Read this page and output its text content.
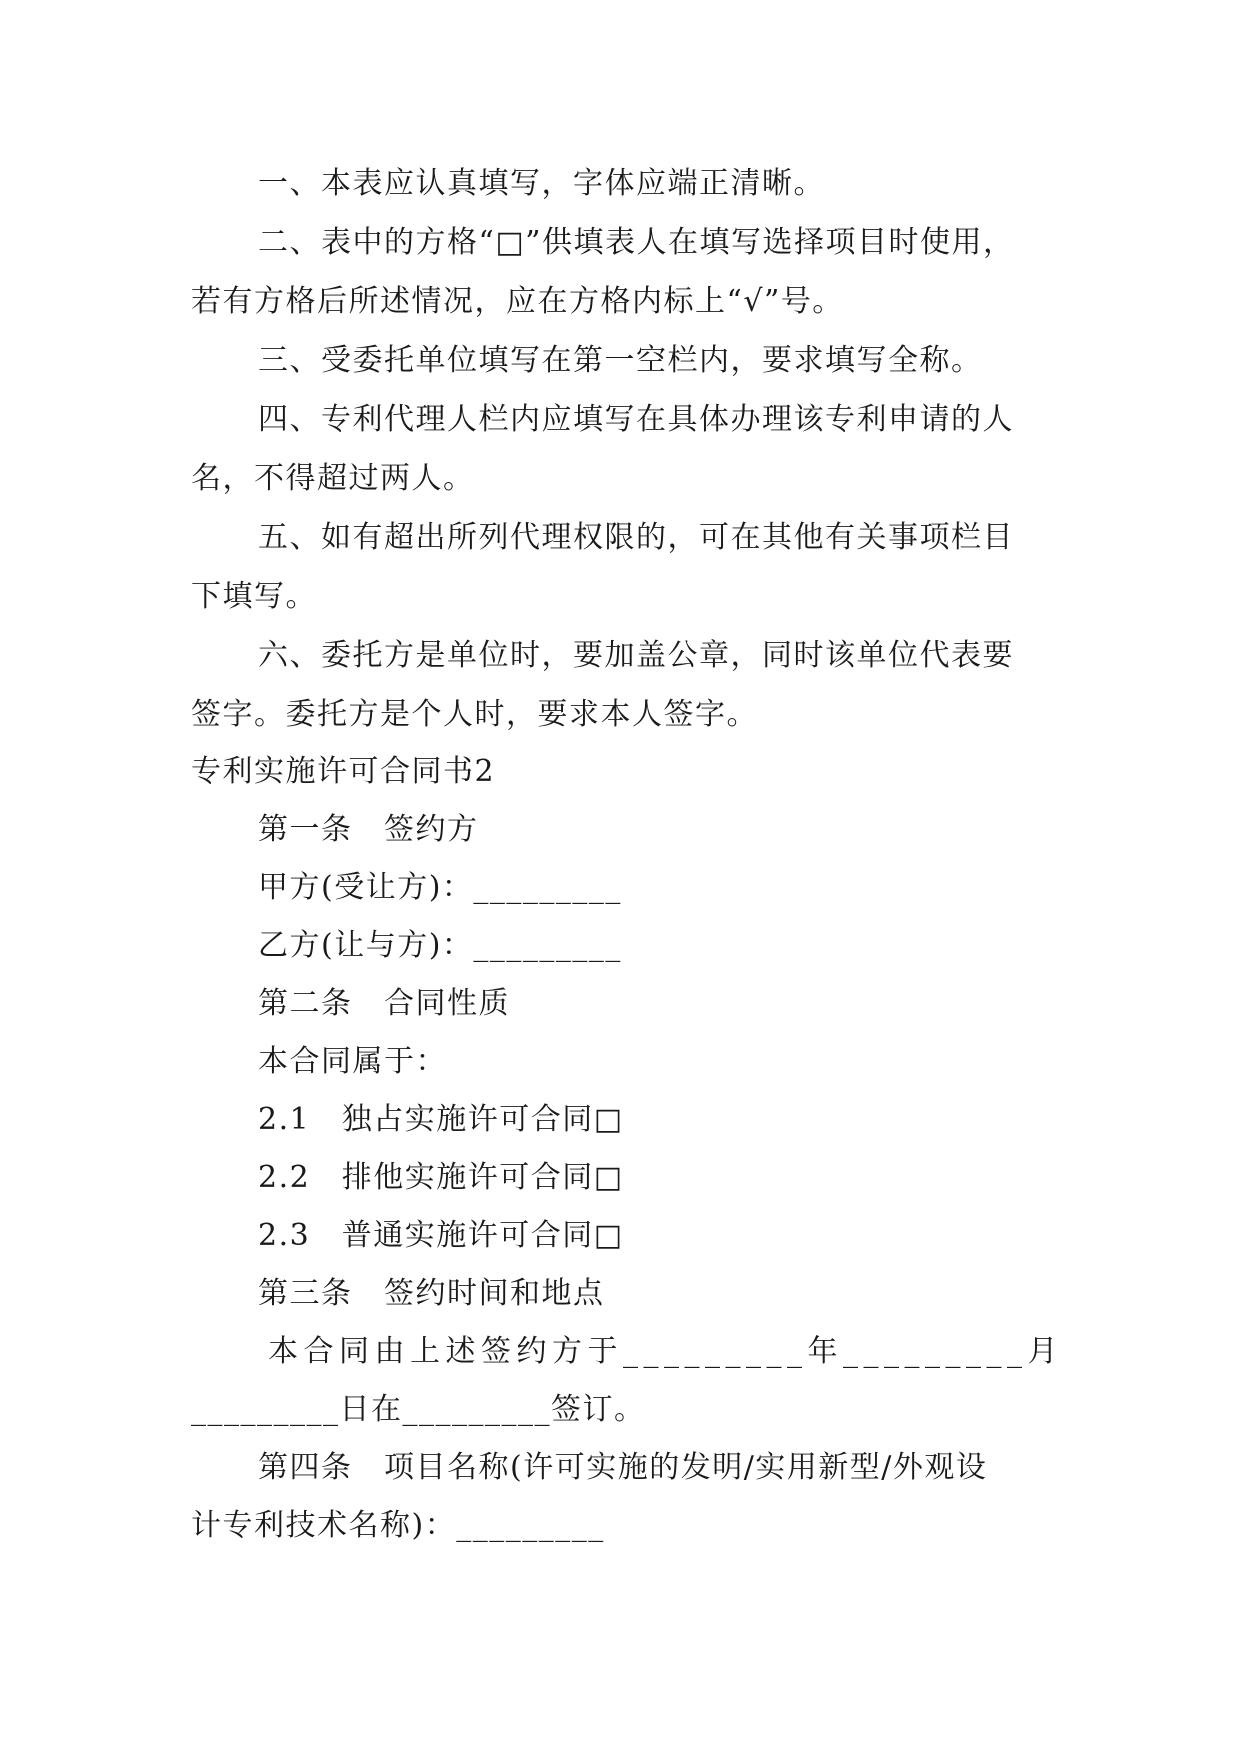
一、本表应认真填写，字体应端正清晰。
二、表中的方格“□”供填表人在填写选择项目时使用，
若有方格后所述情况，应在方格内标上“√”号。
三、受委托单位填写在第一空栏内，要求填写全称。
四、专利代理人栏内应填写在具体办理该专利申请的人
名，不得超过两人。
五、如有超出所列代理权限的，可在其他有关事项栏目
下填写。
六、委托方是单位时，要加盖公章，同时该单位代表要
签字。委托方是个人时，要求本人签字。
专利实施许可合同书2
第一条　签约方
甲方(受让方)：_________
乙方(让与方)：_________
第二条　合同性质
本合同属于：
2.1　独占实施许可合同□
2.2　排他实施许可合同□
2.3　普通实施许可合同□
第三条　签约时间和地点
本合同由上述签约方于_________年_________月
_________日在_________签订。
第四条　项目名称(许可实施的发明/实用新型/外观设
计专利技术名称)：_________
